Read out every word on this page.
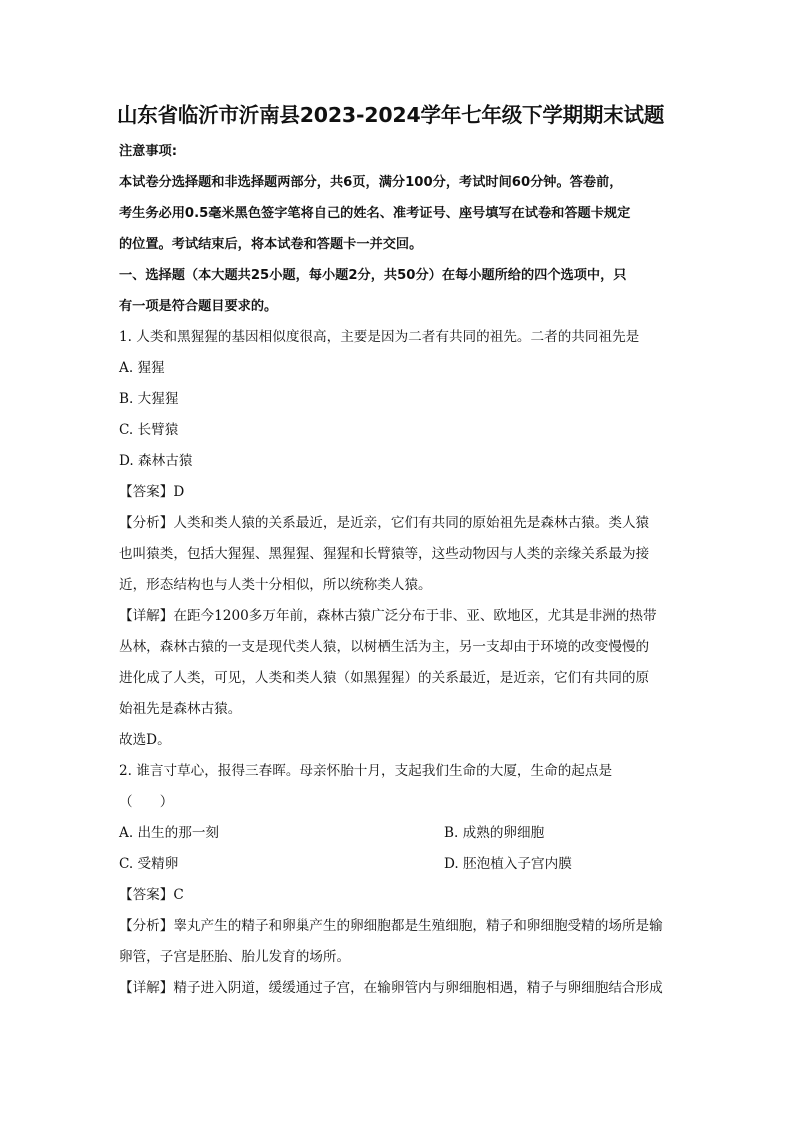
山东省临沂市沂南县2023-2024学年七年级下学期期末试题

注意事项:

本试卷分选择题和非选择题两部分，共6页，满分100分，考试时间60分钟。答卷前，

考生务必用0.5毫米黑色签字笔将自己的姓名、准考证号、座号填写在试卷和答题卡规定

的位置。考试结束后，将本试卷和答题卡一并交回。

一、选择题（本大题共25小题，每小题2分，共50分）在每小题所给的四个选项中，只

有一项是符合题目要求的。

1. 人类和黑猩猩的基因相似度很高，主要是因为二者有共同的祖先。二者的共同祖先是

A. 猩猩

B. 大猩猩

C. 长臂猿

D. 森林古猿

【答案】D

【分析】人类和类人猿的关系最近，是近亲，它们有共同的原始祖先是森林古猿。类人猿

也叫猿类，包括大猩猩、黑猩猩、猩猩和长臂猿等，这些动物因与人类的亲缘关系最为接

近，形态结构也与人类十分相似，所以统称类人猿。

【详解】在距今1200多万年前，森林古猿广泛分布于非、亚、欧地区，尤其是非洲的热带

丛林，森林古猿的一支是现代类人猿，以树栖生活为主，另一支却由于环境的改变慢慢的

进化成了人类，可见，人类和类人猿（如黑猩猩）的关系最近，是近亲，它们有共同的原

始祖先是森林古猿。

故选D。

2. 谁言寸草心，报得三春晖。母亲怀胎十月，支起我们生命的大厦，生命的起点是

（　　）

A. 出生的那一刻	B. 成熟的卵细胞
C. 受精卵	D. 胚泡植入子宫内膜

【答案】C

【分析】睾丸产生的精子和卵巢产生的卵细胞都是生殖细胞，精子和卵细胞受精的场所是输

卵管，子宫是胚胎、胎儿发育的场所。

【详解】精子进入阴道，缓缓通过子宫，在输卵管内与卵细胞相遇，精子与卵细胞结合形成
